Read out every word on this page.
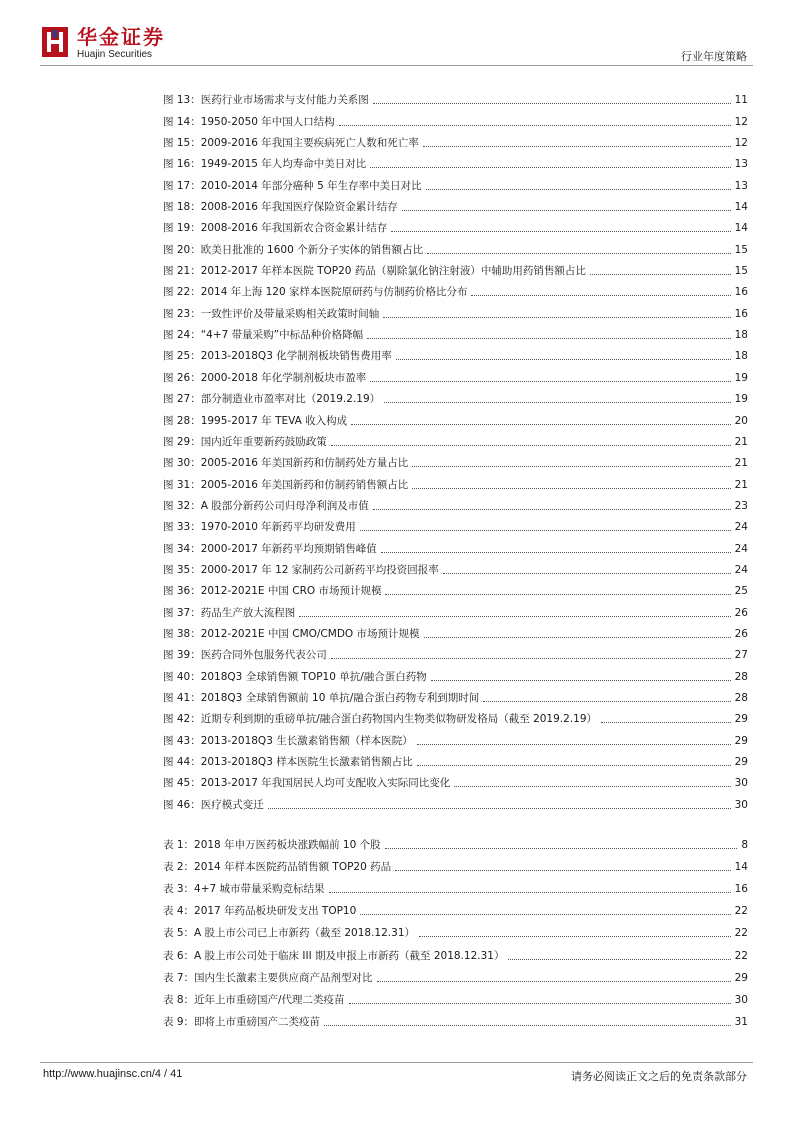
华金证券
Huajin Securities	行业年度策略
图 13：医药行业市场需求与支付能力关系图	11
图 14：1950-2050 年中国人口结构	12
图 15：2009-2016 年我国主要疾病死亡人数和死亡率	12
图 16：1949-2015 年人均寿命中美日对比	13
图 17：2010-2014 年部分癌种 5 年生存率中美日对比	13
图 18：2008-2016 年我国医疗保险资金累计结存	14
图 19：2008-2016 年我国新农合资金累计结存	14
图 20：欧美日批准的 1600 个新分子实体的销售额占比	15
图 21：2012-2017 年样本医院 TOP20 药品（剔除氯化钠注射液）中辅助用药销售额占比	15
图 22：2014 年上海 120 家样本医院原研药与仿制药价格比分布	16
图 23：一致性评价及带量采购相关政策时间轴	16
图 24：“4+7 带量采购”中标品种价格降幅	18
图 25：2013-2018Q3 化学制剂板块销售费用率	18
图 26：2000-2018 年化学制剂板块市盈率	19
图 27：部分制造业市盈率对比（2019.2.19）	19
图 28：1995-2017 年 TEVA 收入构成	20
图 29：国内近年重要新药鼓励政策	21
图 30：2005-2016 年美国新药和仿制药处方量占比	21
图 31：2005-2016 年美国新药和仿制药销售额占比	21
图 32：A 股部分新药公司归母净利润及市值	23
图 33：1970-2010 年新药平均研发费用	24
图 34：2000-2017 年新药平均预期销售峰值	24
图 35：2000-2017 年 12 家制药公司新药平均投资回报率	24
图 36：2012-2021E 中国 CRO 市场预计规模	25
图 37：药品生产放大流程图	26
图 38：2012-2021E 中国 CMO/CMDO 市场预计规模	26
图 39：医药合同外包服务代表公司	27
图 40：2018Q3 全球销售额 TOP10 单抗/融合蛋白药物	28
图 41：2018Q3 全球销售额前 10 单抗/融合蛋白药物专利到期时间	28
图 42：近期专利到期的重磅单抗/融合蛋白药物国内生物类似物研发格局（截至 2019.2.19）	29
图 43：2013-2018Q3 生长激素销售额（样本医院）	29
图 44：2013-2018Q3 样本医院生长激素销售额占比	29
图 45：2013-2017 年我国居民人均可支配收入实际同比变化	30
图 46：医疗模式变迁	30
表 1：2018 年申万医药板块涨跌幅前 10 个股	8
表 2：2014 年样本医院药品销售额 TOP20 药品	14
表 3：4+7 城市带量采购竞标结果	16
表 4：2017 年药品板块研发支出 TOP10	22
表 5：A 股上市公司已上市新药（截至 2018.12.31）	22
表 6：A 股上市公司处于临床 III 期及申报上市新药（截至 2018.12.31）	22
表 7：国内生长激素主要供应商产品剂型对比	29
表 8：近年上市重磅国产/代理二类疫苗	30
表 9：即将上市重磅国产二类疫苗	31
http://www.huajinsc.cn/4 / 41	请务必阅读正文之后的免责条款部分
